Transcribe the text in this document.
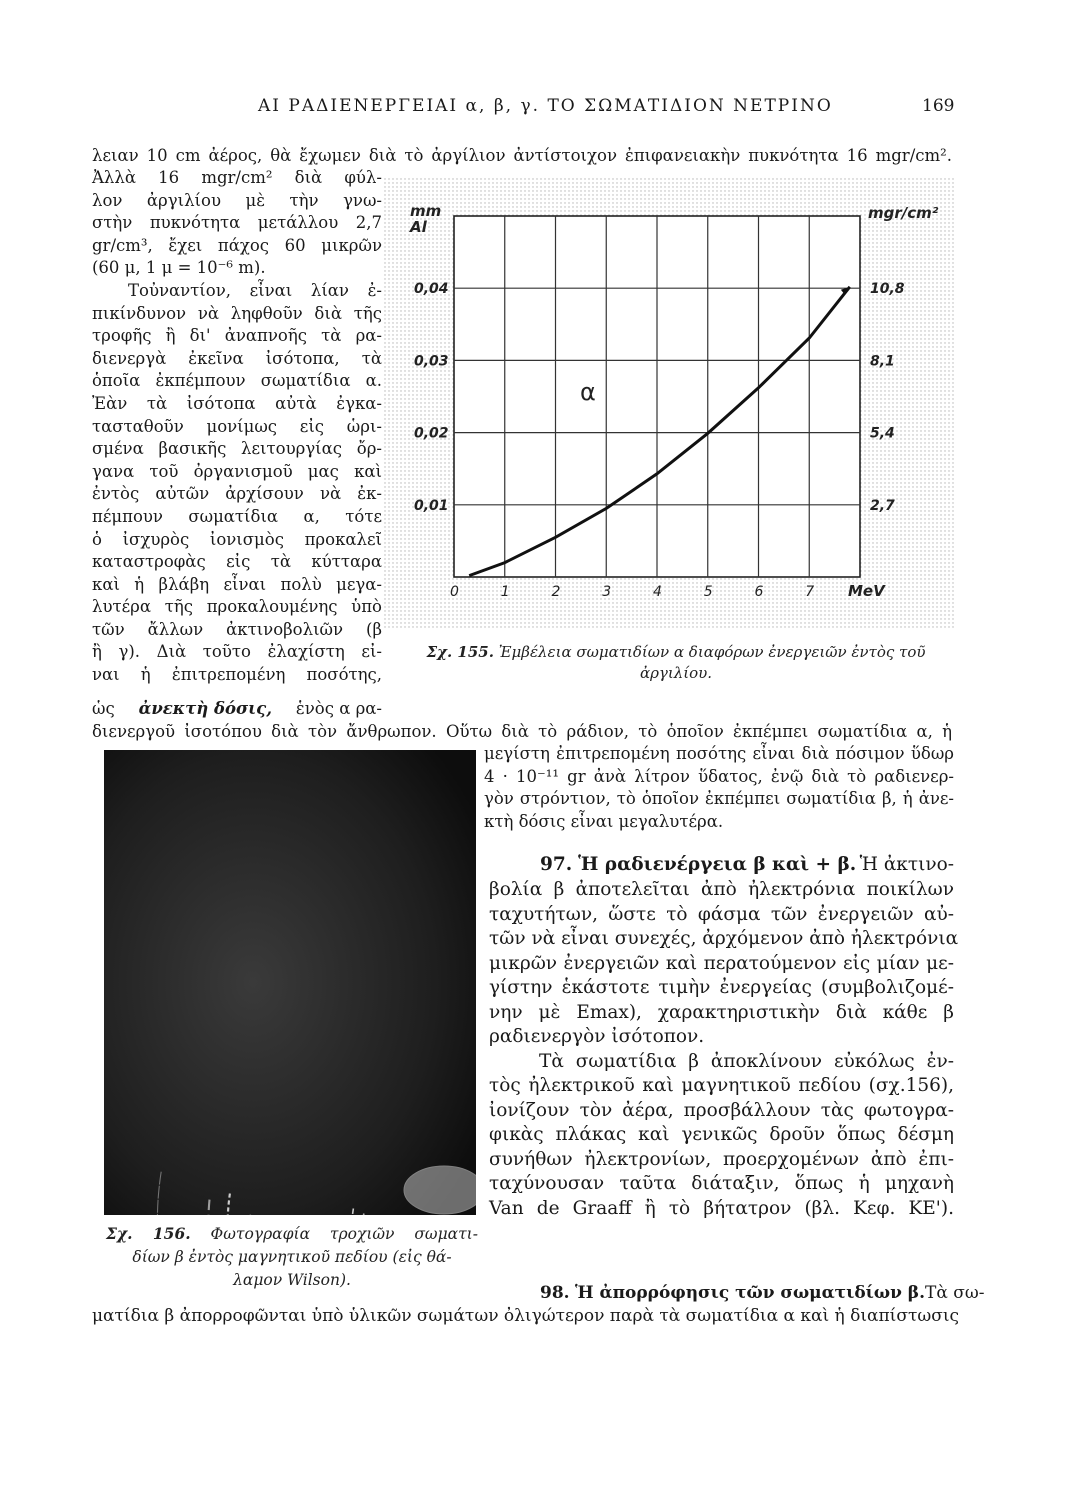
ΑΙ ΡΑΔΙΕΝΕΡΓΕΙΑΙ α, β, γ. ΤΟ ΣΩΜΑΤΙΔΙΟΝ ΝΕΤΡΙΝΟ	169
λειαν 10 cm ἀέρος, θὰ ἔχωμεν διὰ τὸ ἀργίλιον ἀντίστοιχον ἐπιφανειακὴν πυκνότητα 16 mgr/cm².
Ἀλλὰ 16 mgr/cm² διὰ φύλ-
λον ἀργιλίου μὲ τὴν γνω-
στὴν πυκνότητα μετάλλου 2,7
gr/cm³, ἔχει πάχος 60 μικρῶν
(60 μ, 1 μ = 10⁻⁶ m).
Τοὐναντίον, εἶναι λίαν ἐ-
πικίνδυνον νὰ ληφθοῦν διὰ τῆς
τροφῆς ἢ δι' ἀναπνοῆς τὰ ρα-
διενεργὰ ἐκεῖνα ἰσότοπα, τὰ
ὁποῖα ἐκπέμπουν σωματίδια α.
Ἐὰν τὰ ἰσότοπα αὐτὰ ἐγκα-
τασταθοῦν μονίμως εἰς ὡρι-
σμένα βασικῆς λειτουργίας ὄρ-
γανα τοῦ ὀργανισμοῦ μας καὶ
ἐντὸς αὐτῶν ἀρχίσουν νὰ ἐκ-
πέμπουν σωματίδια α, τότε
ὁ ἰσχυρὸς ἰονισμὸς προκαλεῖ
καταστροφὰς εἰς τὰ κύτταρα
καὶ ἡ βλάβη εἶναι πολὺ μεγα-
λυτέρα τῆς προκαλουμένης ὑπὸ
τῶν ἄλλων ἀκτινοβολιῶν (β
ἢ γ). Διὰ τοῦτο ἐλαχίστη εἰ-
ναι ἡ ἐπιτρεπομένη ποσότης,
ὡς ἀνεκτὴ δόσις, ἑνὸς α ρα-
διενεργοῦ ἰσοτόπου διὰ τὸν ἄνθρωπον. Οὕτω διὰ τὸ ράδιον, τὸ ὁποῖον ἐκπέμπει σωματίδια α, ἡ
0	1	2	3	4	5	6	7
0,01
0,02
0,03
0,04
2,7
5,4
8,1
10,8
mm Al
mgr/cm²
MeV
α
Σχ. 155. Ἐμβέλεια σωματιδίων α διαφόρων ἐνεργειῶν ἐντὸς τοῦ
ἀργιλίου.
μεγίστη ἐπιτρεπομένη ποσότης εἶναι διὰ πόσιμον ὕδωρ
4 · 10⁻¹¹ gr ἀνὰ λίτρον ὕδατος, ἐνῷ διὰ τὸ ραδιενερ-
γὸν στρόντιον, τὸ ὁποῖον ἐκπέμπει σωματίδια β, ἡ ἀνε-
κτὴ δόσις εἶναι μεγαλυτέρα.
Σχ. 156. Φωτογραφία τροχιῶν σωματι-
δίων β ἐντὸς μαγνητικοῦ πεδίου (εἰς θά-
λαμον Wilson).
97. Ἡ ραδιενέργεια β καὶ + β. Ἡ ἀκτινο-
βολία β ἀποτελεῖται ἀπὸ ἠλεκτρόνια ποικίλων
ταχυτήτων, ὥστε τὸ φάσμα τῶν ἐνεργειῶν αὐ-
τῶν νὰ εἶναι συνεχές, ἀρχόμενον ἀπὸ ἠλεκτρόνια
μικρῶν ἐνεργειῶν καὶ περατούμενον εἰς μίαν με-
γίστην ἑκάστοτε τιμὴν ἐνεργείας (συμβολιζομέ-
νην μὲ Emax), χαρακτηριστικὴν διὰ κάθε β
ραδιενεργὸν ἰσότοπον.
Τὰ σωματίδια β ἀποκλίνουν εὐκόλως ἐν-
τὸς ἠλεκτρικοῦ καὶ μαγνητικοῦ πεδίου (σχ.156),
ἰονίζουν τὸν ἀέρα, προσβάλλουν τὰς φωτογρα-
φικὰς πλάκας καὶ γενικῶς δροῦν ὅπως δέσμη
συνήθων ἠλεκτρονίων, προερχομένων ἀπὸ ἐπι-
ταχύνουσαν ταῦτα διάταξιν, ὅπως ἡ μηχανὴ
Van de Graaff ἢ τὸ βήτατρον (βλ. Κεφ. ΚΕ').
98. Ἡ ἀπορρόφησις τῶν σωματιδίων β. Τὰ σω-
ματίδια β ἀπορροφῶνται ὑπὸ ὑλικῶν σωμάτων ὀλιγώτερον παρὰ τὰ σωματίδια α καὶ ἡ διαπίστωσις
